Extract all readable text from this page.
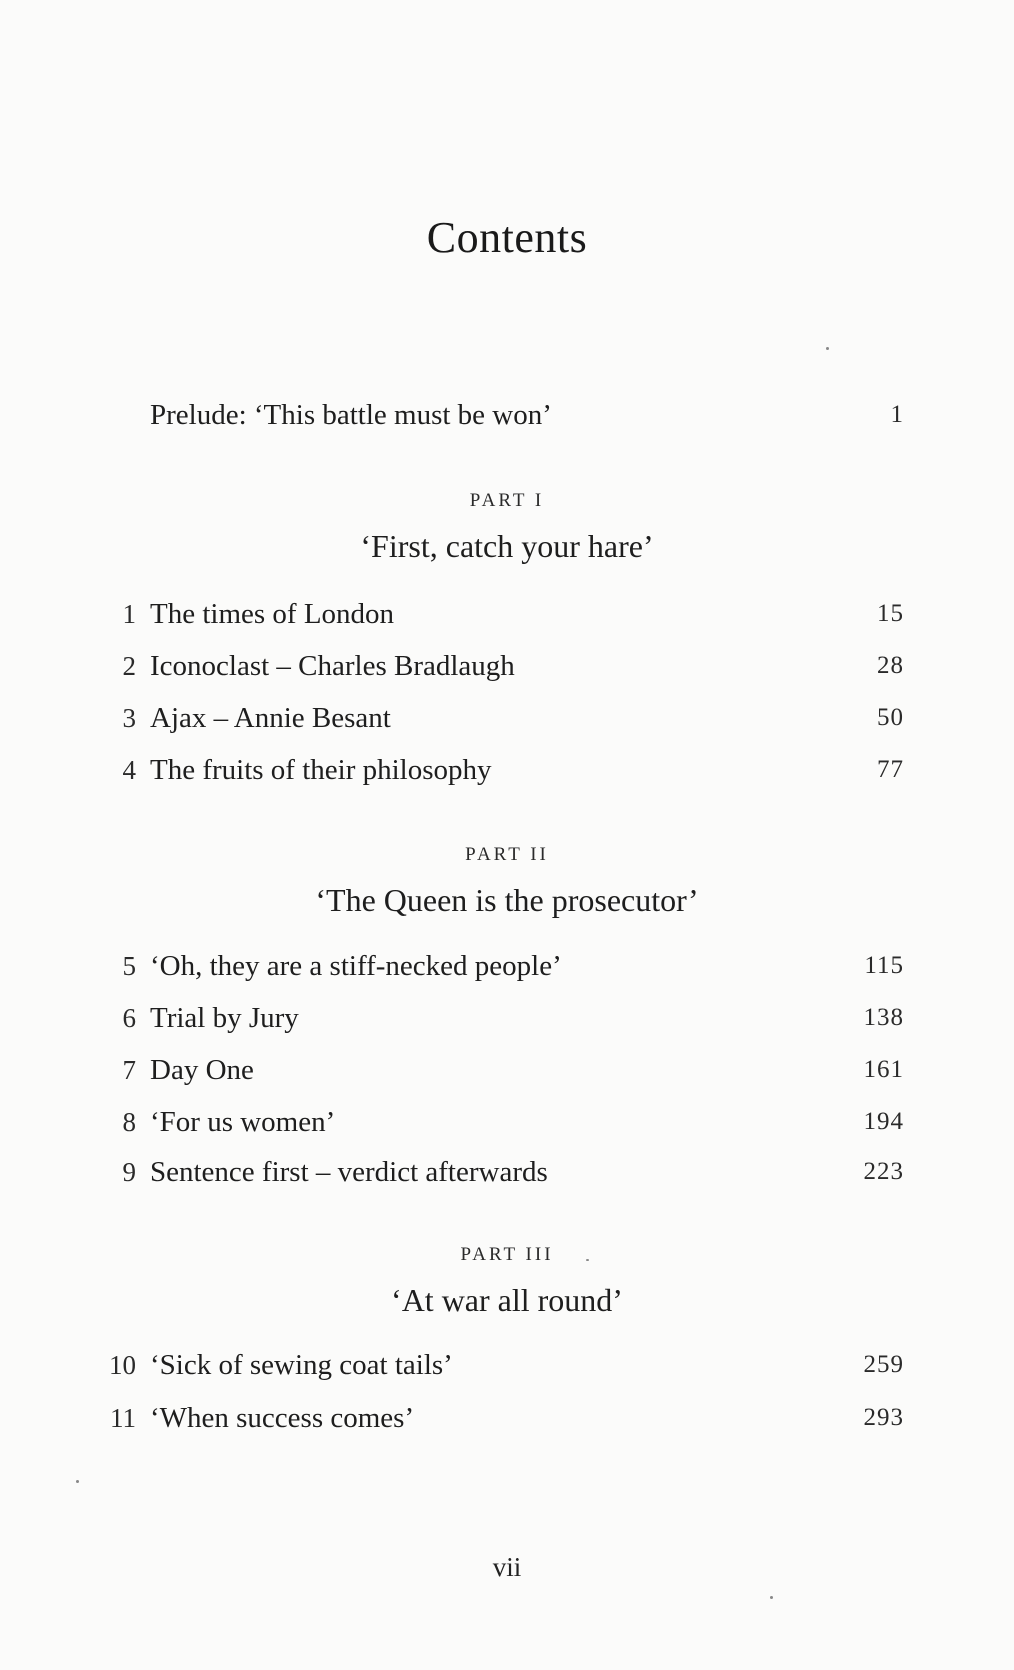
Contents
Prelude: ‘This battle must be won’	1
PART I
‘First, catch your hare’
1 The times of London	15
2 Iconoclast – Charles Bradlaugh	28
3 Ajax – Annie Besant	50
4 The fruits of their philosophy	77
PART II
‘The Queen is the prosecutor’
5 ‘Oh, they are a stiff-necked people’	115
6 Trial by Jury	138
7 Day One	161
8 ‘For us women’	194
9 Sentence first – verdict afterwards	223
PART III
‘At war all round’
10 ‘Sick of sewing coat tails’	259
11 ‘When success comes’	293
vii
